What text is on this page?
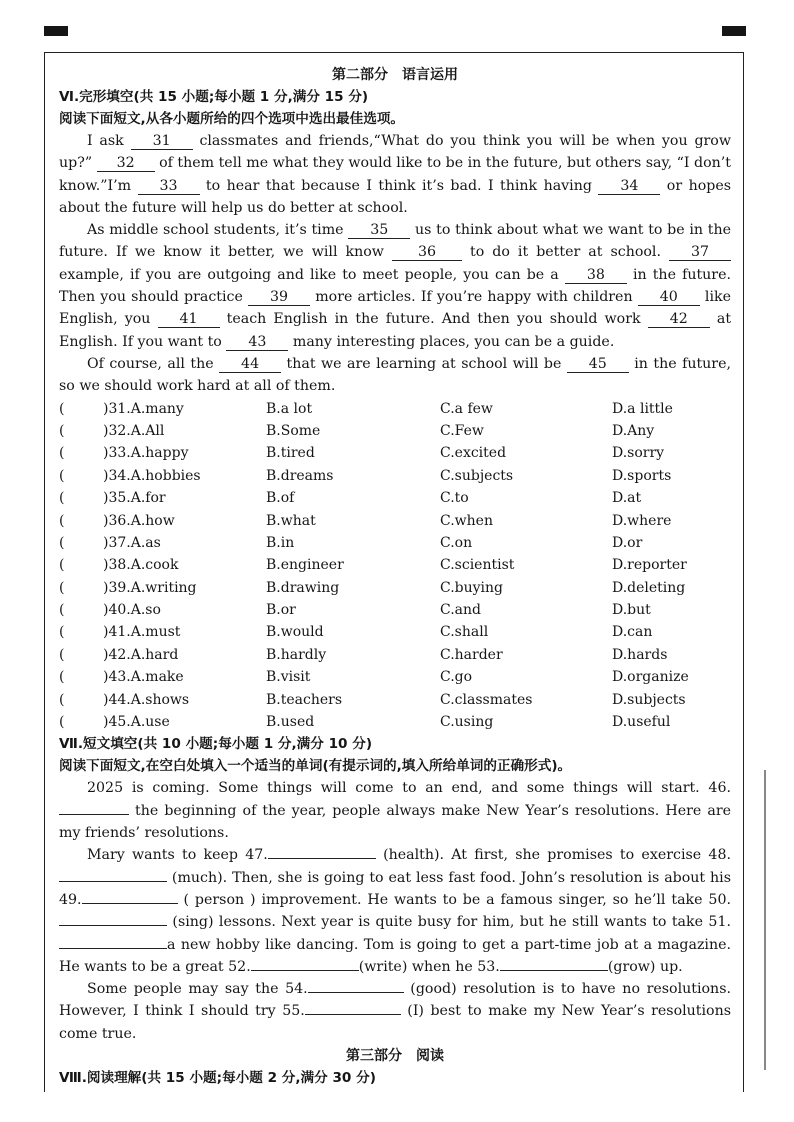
第二部分　语言运用
Ⅵ.完形填空(共 15 小题;每小题 1 分,满分 15 分)
阅读下面短文,从各小题所给的四个选项中选出最佳选项。

I ask 31 classmates and friends,“What do you think you will be when you grow up?” 32 of them tell me what they would like to be in the future, but others say, “I don’t know.”I’m 33 to hear that because I think it’s bad. I think having 34 or hopes about the future will help us do better at school.

As middle school students, it’s time 35 us to think about what we want to be in the future. If we know it better, we will know 36 to do it better at school. 37 example, if you are outgoing and like to meet people, you can be a 38 in the future. Then you should practice 39 more articles. If you’re happy with children 40 like English, you 41 teach English in the future. And then you should work 42 at English. If you want to 43 many interesting places, you can be a guide.

Of course, all the 44 that we are learning at school will be 45 in the future, so we should work hard at all of them.

(	)31.A.many	B.a lot	C.a few	D.a little
(	)32.A.All	B.Some	C.Few	D.Any
(	)33.A.happy	B.tired	C.excited	D.sorry
(	)34.A.hobbies	B.dreams	C.subjects	D.sports
(	)35.A.for	B.of	C.to	D.at
(	)36.A.how	B.what	C.when	D.where
(	)37.A.as	B.in	C.on	D.or
(	)38.A.cook	B.engineer	C.scientist	D.reporter
(	)39.A.writing	B.drawing	C.buying	D.deleting
(	)40.A.so	B.or	C.and	D.but
(	)41.A.must	B.would	C.shall	D.can
(	)42.A.hard	B.hardly	C.harder	D.hards
(	)43.A.make	B.visit	C.go	D.organize
(	)44.A.shows	B.teachers	C.classmates	D.subjects
(	)45.A.use	B.used	C.using	D.useful
Ⅶ.短文填空(共 10 小题;每小题 1 分,满分 10 分)
阅读下面短文,在空白处填入一个适当的单词(有提示词的,填入所给单词的正确形式)。

2025 is coming. Some things will come to an end, and some things will start. 46. the beginning of the year, people always make New Year’s resolutions. Here are my friends’ resolutions.

Mary wants to keep 47.	(health). At first, she promises to exercise 48. (much). Then, she is going to eat less fast food. John’s resolution is about his 49.	( person ) improvement. He wants to be a famous singer, so he’ll take 50. (sing) lessons. Next year is quite busy for him, but he still wants to take 51.a new hobby like dancing. Tom is going to get a part-time job at a magazine. He wants to be a great 52.	(write) when he 53.	(grow) up.

Some people may say the 54.	(good) resolution is to have no resolutions. However, I think I should try 55.	(I) best to make my New Year’s resolutions come true.

第三部分　阅读
Ⅷ.阅读理解(共 15 小题;每小题 2 分,满分 30 分)
